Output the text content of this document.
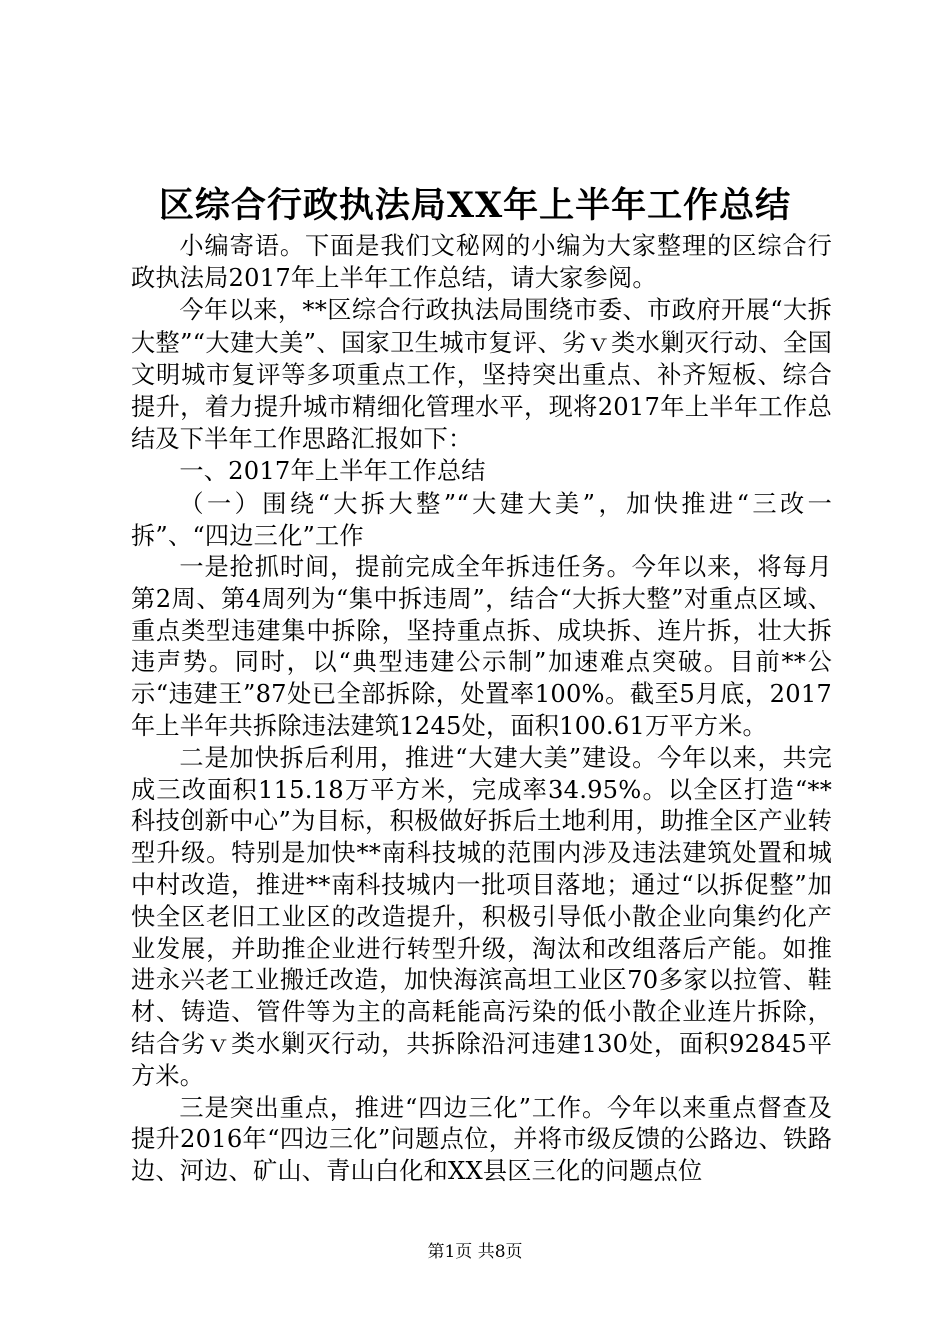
区综合行政执法局XX年上半年工作总结

小编寄语。下面是我们文秘网的小编为大家整理的区综合行政执法局2017年上半年工作总结，请大家参阅。

今年以来，**区综合行政执法局围绕市委、市政府开展“大拆大整”“大建大美”、国家卫生城市复评、劣ｖ类水剿灭行动、全国文明城市复评等多项重点工作，坚持突出重点、补齐短板、综合提升，着力提升城市精细化管理水平，现将2017年上半年工作总结及下半年工作思路汇报如下：

一、2017年上半年工作总结

（一）围绕“大拆大整”“大建大美”，加快推进“三改一拆”、“四边三化”工作

一是抢抓时间，提前完成全年拆违任务。今年以来，将每月第2周、第4周列为“集中拆违周”，结合“大拆大整”对重点区域、重点类型违建集中拆除，坚持重点拆、成块拆、连片拆，壮大拆违声势。同时，以“典型违建公示制”加速难点突破。目前**公示“违建王”87处已全部拆除，处置率100%。截至5月底，2017年上半年共拆除违法建筑1245处，面积100.61万平方米。

二是加快拆后利用，推进“大建大美”建设。今年以来，共完成三改面积115.18万平方米，完成率34.95%。以全区打造“**科技创新中心”为目标，积极做好拆后土地利用，助推全区产业转型升级。特别是加快**南科技城的范围内涉及违法建筑处置和城中村改造，推进**南科技城内一批项目落地；通过“以拆促整”加快全区老旧工业区的改造提升，积极引导低小散企业向集约化产业发展，并助推企业进行转型升级，淘汰和改组落后产能。如推进永兴老工业搬迁改造，加快海滨高坦工业区70多家以拉管、鞋材、铸造、管件等为主的高耗能高污染的低小散企业连片拆除，结合劣ｖ类水剿灭行动，共拆除沿河违建130处，面积92845平方米。

三是突出重点，推进“四边三化”工作。今年以来重点督查及提升2016年“四边三化”问题点位，并将市级反馈的公路边、铁路边、河边、矿山、青山白化和XX县区三化的问题点位

第1页 共8页
